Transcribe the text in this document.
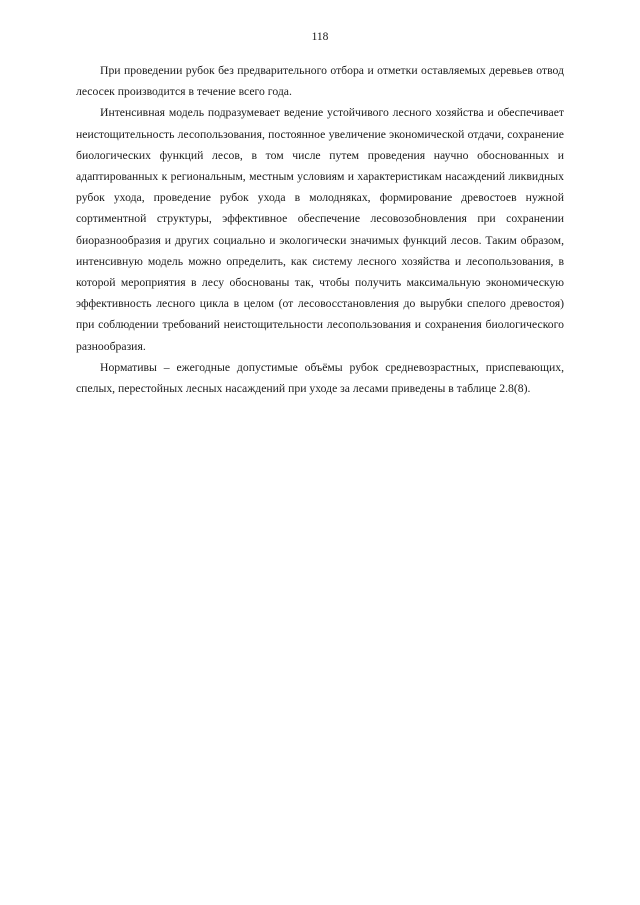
118

При проведении рубок без предварительного отбора и отметки оставляемых деревьев отвод лесосек производится в течение всего года.

Интенсивная модель подразумевает ведение устойчивого лесного хозяйства и обеспечивает неистощительность лесопользования, постоянное увеличение экономической отдачи, сохранение биологических функций лесов, в том числе путем проведения научно обоснованных и адаптированных к региональным, местным условиям и характеристикам насаждений ликвидных рубок ухода, проведение рубок ухода в молодняках, формирование древостоев нужной сортиментной структуры, эффективное обеспечение лесовозобновления при сохранении биоразнообразия и других социально и экологически значимых функций лесов. Таким образом, интенсивную модель можно определить, как систему лесного хозяйства и лесопользования, в которой мероприятия в лесу обоснованы так, чтобы получить максимальную экономическую эффективность лесного цикла в целом (от лесовосстановления до вырубки спелого древостоя) при соблюдении требований неистощительности лесопользования и сохранения биологического разнообразия.

Нормативы – ежегодные допустимые объёмы рубок средневозрастных, приспевающих, спелых, перестойных лесных насаждений при уходе за лесами приведены в таблице 2.8(8).
